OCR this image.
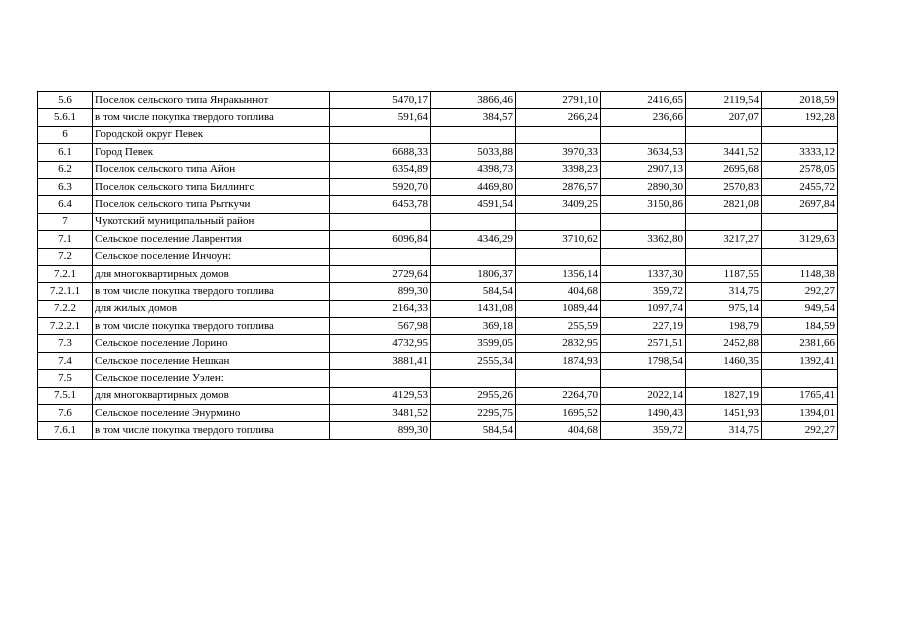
5.6	Поселок сельского типа Янракыннот	5470,17	3866,46	2791,10	2416,65	2119,54	2018,59
5.6.1	в том числе покупка твердого топлива	591,64	384,57	266,24	236,66	207,07	192,28
6	Городской округ Певек						
6.1	Город Певек	6688,33	5033,88	3970,33	3634,53	3441,52	3333,12
6.2	Поселок сельского типа Айон	6354,89	4398,73	3398,23	2907,13	2695,68	2578,05
6.3	Поселок сельского типа Биллингс	5920,70	4469,80	2876,57	2890,30	2570,83	2455,72
6.4	Поселок сельского типа Рыткучи	6453,78	4591,54	3409,25	3150,86	2821,08	2697,84
7	Чукотский муниципальный район						
7.1	Сельское поселение Лаврентия	6096,84	4346,29	3710,62	3362,80	3217,27	3129,63
7.2	Сельское поселение Инчоун:						
7.2.1	для многоквартирных домов	2729,64	1806,37	1356,14	1337,30	1187,55	1148,38
7.2.1.1	в том числе покупка твердого топлива	899,30	584,54	404,68	359,72	314,75	292,27
7.2.2	для жилых домов	2164,33	1431,08	1089,44	1097,74	975,14	949,54
7.2.2.1	в том числе покупка твердого топлива	567,98	369,18	255,59	227,19	198,79	184,59
7.3	Сельское поселение Лорино	4732,95	3599,05	2832,95	2571,51	2452,88	2381,66
7.4	Сельское поселение Нешкан	3881,41	2555,34	1874,93	1798,54	1460,35	1392,41
7.5	Сельское поселение Уэлен:						
7.5.1	для многоквартирных домов	4129,53	2955,26	2264,70	2022,14	1827,19	1765,41
7.6	Сельское поселение Энурмино	3481,52	2295,75	1695,52	1490,43	1451,93	1394,01
7.6.1	в том числе покупка твердого топлива	899,30	584,54	404,68	359,72	314,75	292,27
